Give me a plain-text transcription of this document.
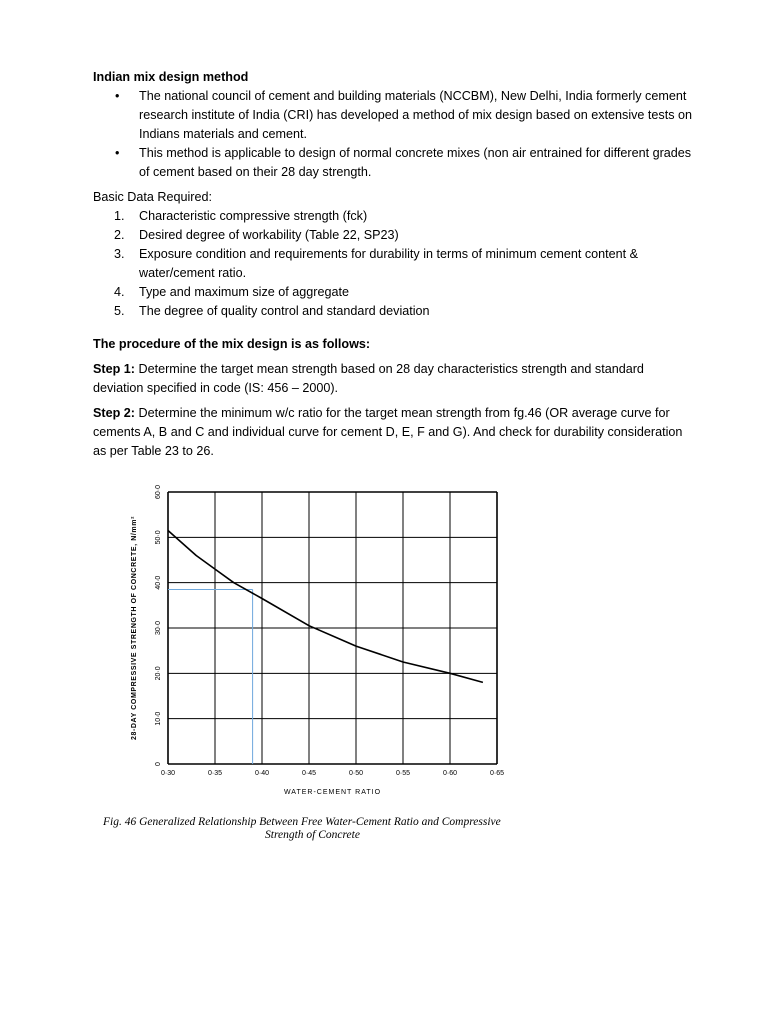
Indian mix design method

• The national council of cement and building materials (NCCBM), New Delhi, India formerly cement research institute of India (CRI) has developed a method of mix design based on extensive tests on Indians materials and cement.
• This method is applicable to design of normal concrete mixes (non air entrained for different grades of cement based on their 28 day strength.

Basic Data Required:

1. Characteristic compressive strength (fck)
2. Desired degree of workability (Table 22, SP23)
3. Exposure condition and requirements for durability in terms of minimum cement content & water/cement ratio.
4. Type and maximum size of aggregate
5. The degree of quality control and standard deviation

The procedure of the mix design is as follows:

Step 1: Determine the target mean strength based on 28 day characteristics strength and standard deviation specified in code (IS: 456 – 2000).

Step 2: Determine the minimum w/c ratio for the target mean strength from fg.46 (OR average curve for cements A, B and C and individual curve for cement D, E, F and G). And check for durability consideration as per Table 23 to 26.

0·30	0·35	0·40	0·45	0·50	0·55	0·60	0·65
0
10·0
20·0
30·0
40·0
50·0
60·0
WATER-CEMENT RATIO
28-DAY COMPRESSIVE STRENGTH OF CONCRETE, N/mm²
Fig. 46 Generalized Relationship Between Free Water-Cement Ratio and Compressive
Strength of Concrete
